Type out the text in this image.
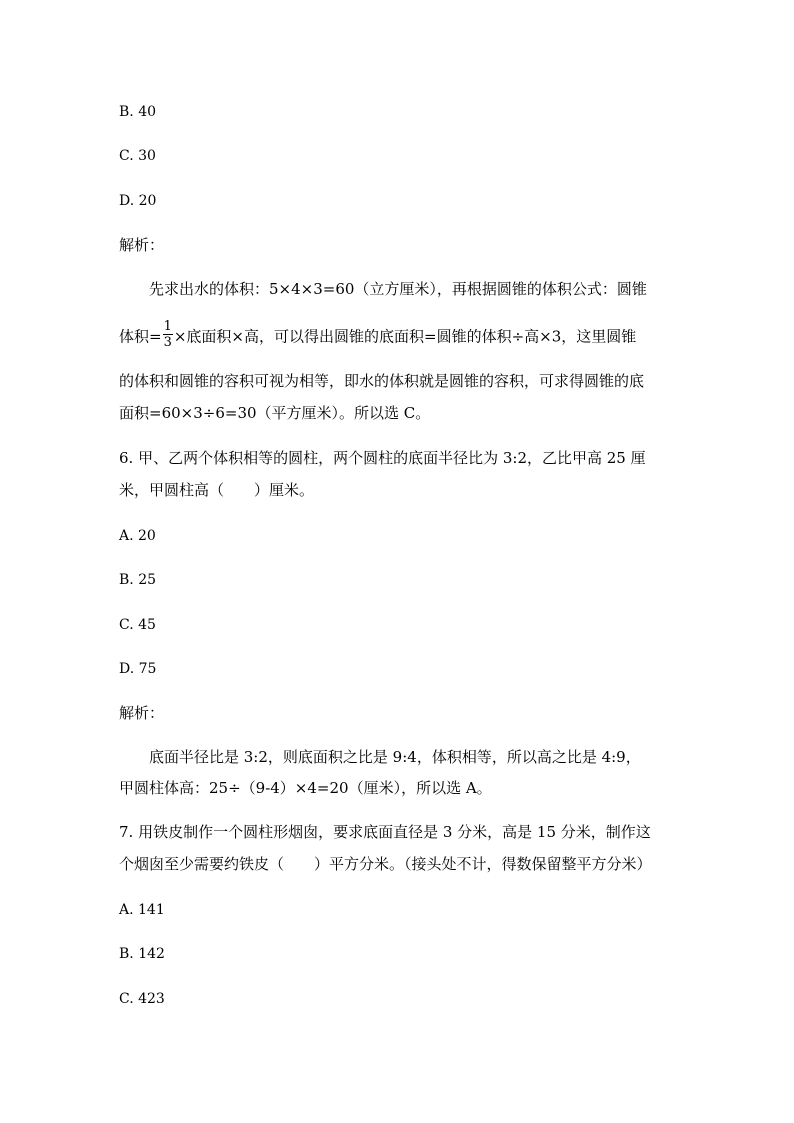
B. 40
C. 30
D. 20
解析：
先求出水的体积：5×4×3=60（立方厘米），再根据圆锥的体积公式：圆锥
体积= $\frac{1}{3}$ ×底面积×高，可以得出圆锥的底面积=圆锥的体积÷高×3，这里圆锥
的体积和圆锥的容积可视为相等，即水的体积就是圆锥的容积，可求得圆锥的底
面积=60×3÷6=30（平方厘米）。所以选 C。
6. 甲、乙两个体积相等的圆柱，两个圆柱的底面半径比为 3:2，乙比甲高 25 厘
米，甲圆柱高（　　）厘米。
A. 20
B. 25
C. 45
D. 75
解析：
底面半径比是 3:2，则底面积之比是 9:4，体积相等，所以高之比是 4:9，
甲圆柱体高：25÷（9-4）×4=20（厘米），所以选 A。
7. 用铁皮制作一个圆柱形烟囱，要求底面直径是 3 分米，高是 15 分米，制作这
个烟囱至少需要约铁皮（　　）平方分米。（接头处不计，得数保留整平方分米）
A. 141
B. 142
C. 423
